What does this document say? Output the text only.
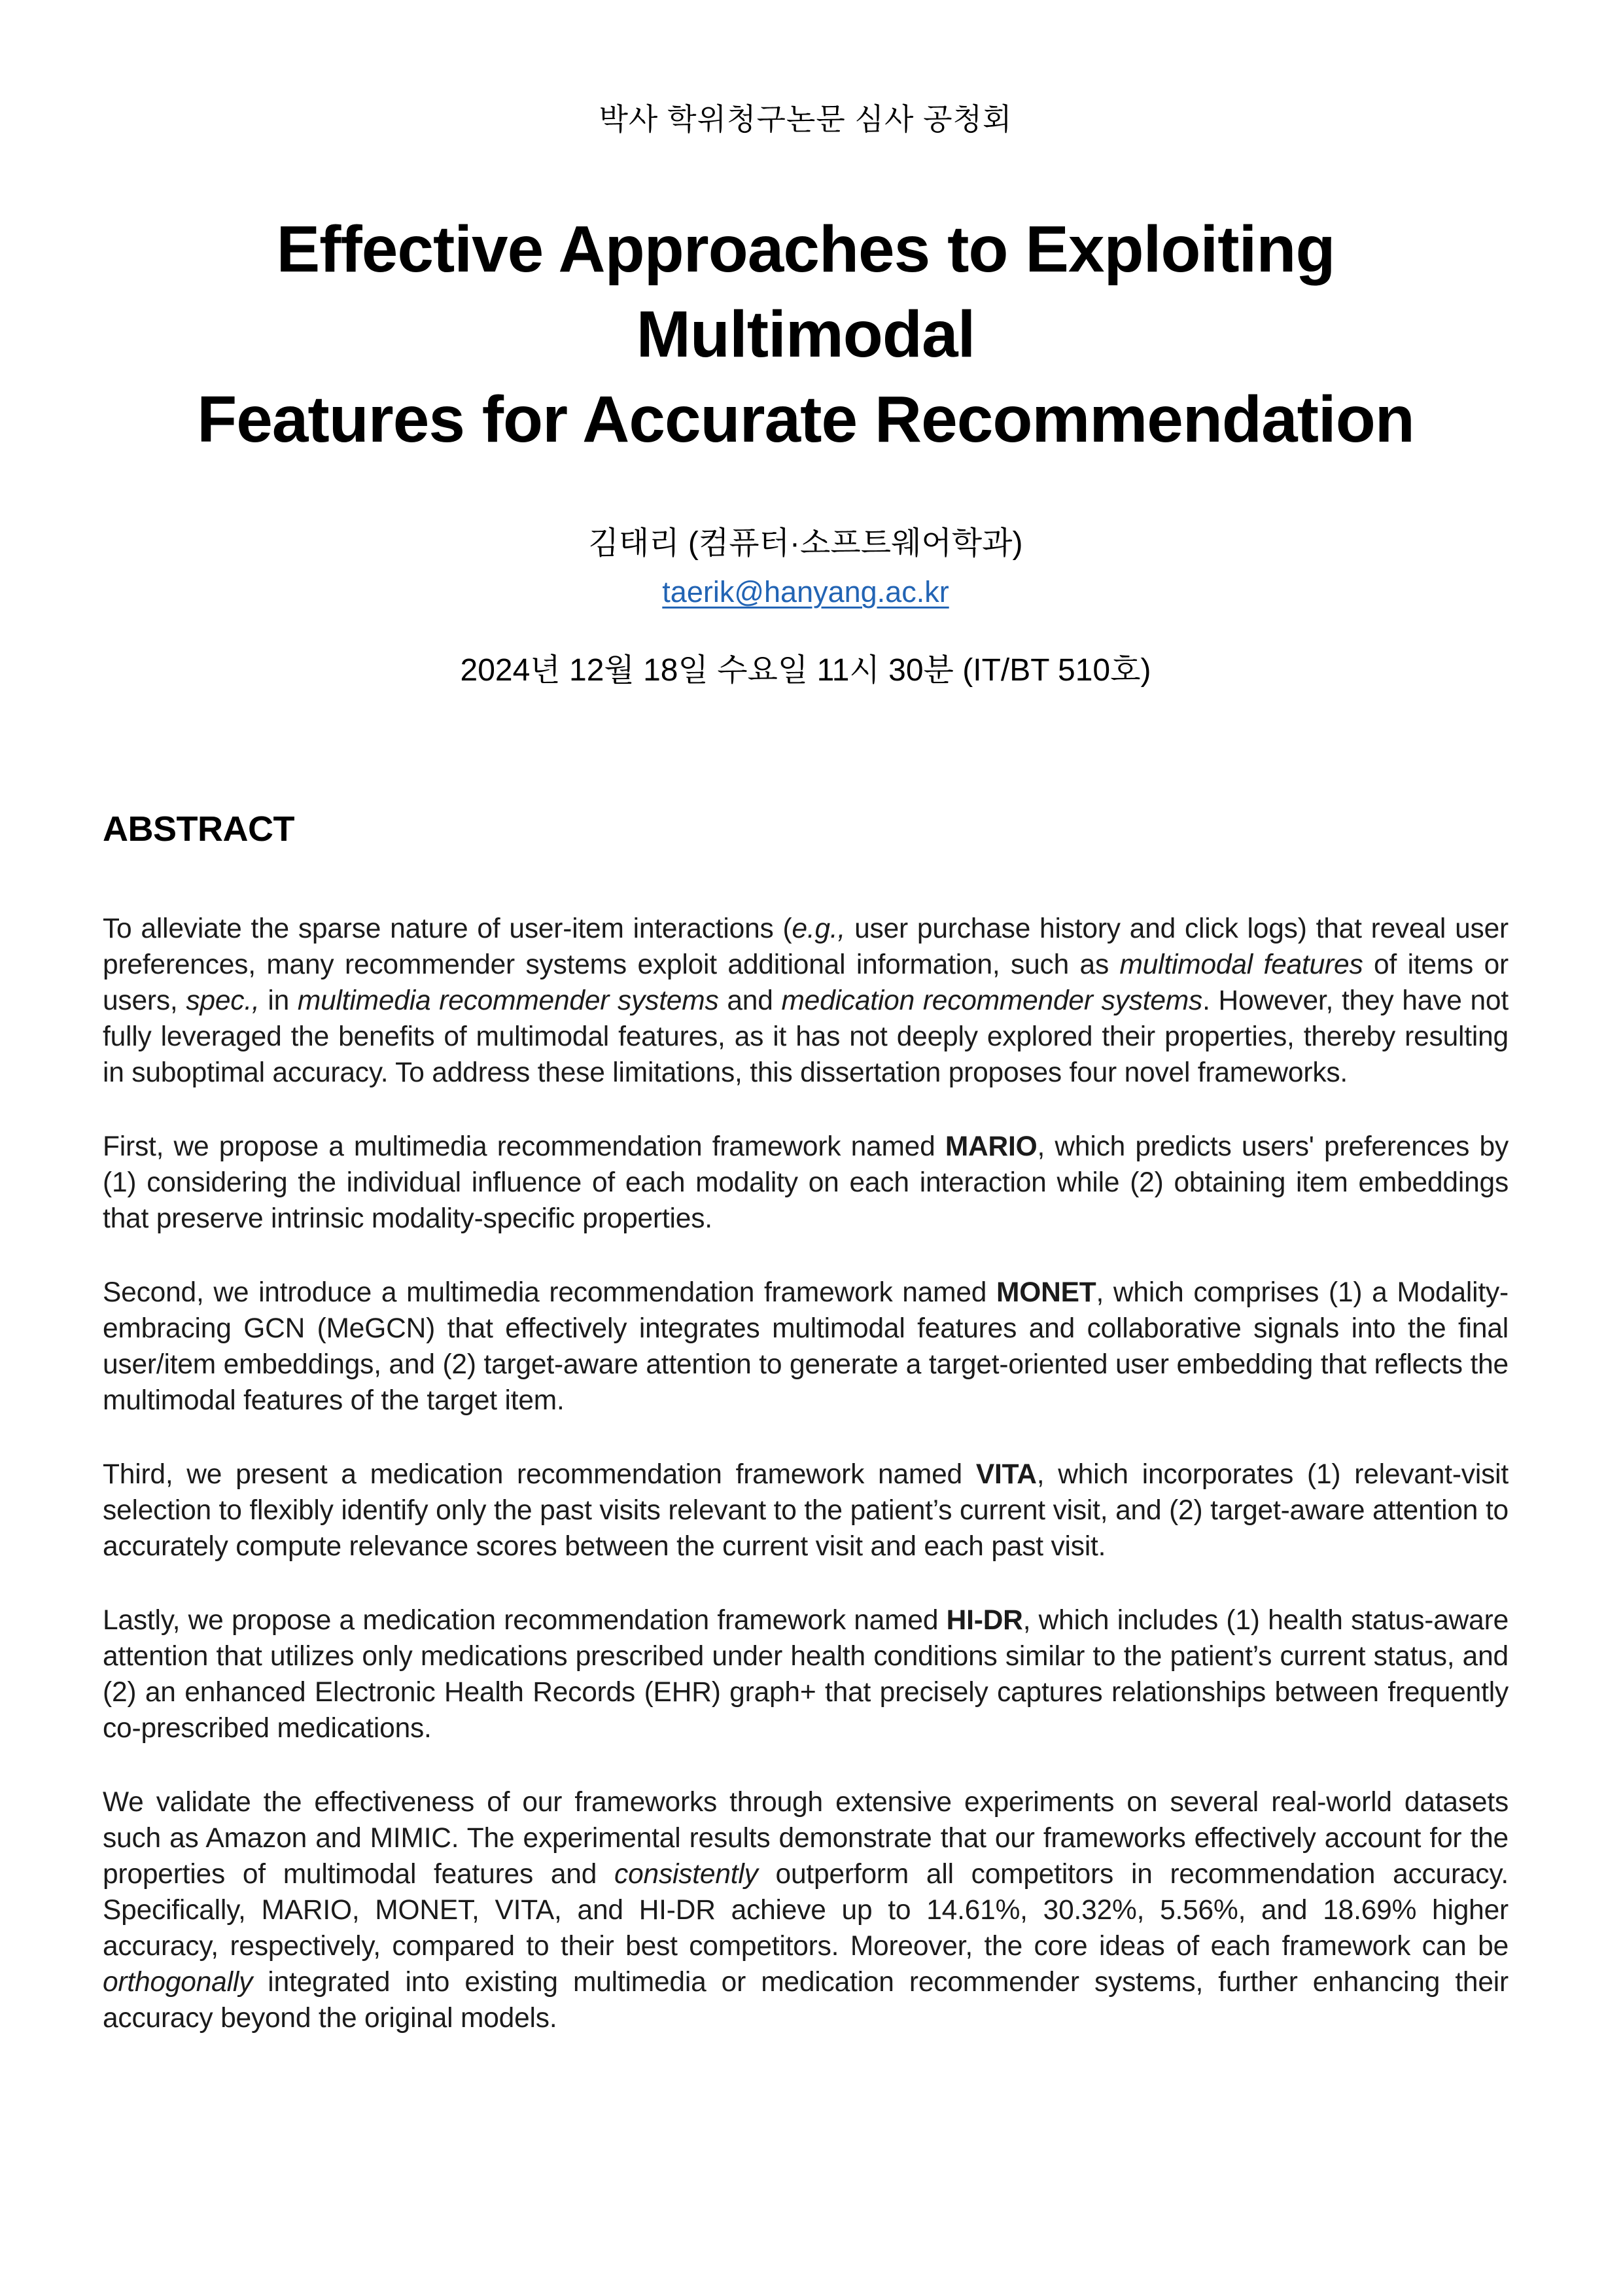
박사 학위청구논문 심사 공청회
Effective Approaches to Exploiting Multimodal
Features for Accurate Recommendation
김태리 (컴퓨터·소프트웨어학과)
taerik@hanyang.ac.kr
2024년 12월 18일 수요일 11시 30분 (IT/BT 510호)
ABSTRACT
To alleviate the sparse nature of user-item interactions (e.g., user purchase history and click logs) that reveal user preferences, many recommender systems exploit additional information, such as multimodal features of items or users, spec., in multimedia recommender systems and medication recommender systems. However, they have not fully leveraged the benefits of multimodal features, as it has not deeply explored their properties, thereby resulting in suboptimal accuracy. To address these limitations, this dissertation proposes four novel frameworks.
First, we propose a multimedia recommendation framework named MARIO, which predicts users' preferences by (1) considering the individual influence of each modality on each interaction while (2) obtaining item embeddings that preserve intrinsic modality-specific properties.
Second, we introduce a multimedia recommendation framework named MONET, which comprises (1) a Modality-embracing GCN (MeGCN) that effectively integrates multimodal features and collaborative signals into the final user/item embeddings, and (2) target-aware attention to generate a target-oriented user embedding that reflects the multimodal features of the target item.
Third, we present a medication recommendation framework named VITA, which incorporates (1) relevant-visit selection to flexibly identify only the past visits relevant to the patient’s current visit, and (2) target-aware attention to accurately compute relevance scores between the current visit and each past visit.
Lastly, we propose a medication recommendation framework named HI-DR, which includes (1) health status-aware attention that utilizes only medications prescribed under health conditions similar to the patient’s current status, and (2) an enhanced Electronic Health Records (EHR) graph+ that precisely captures relationships between frequently co-prescribed medications.
We validate the effectiveness of our frameworks through extensive experiments on several real-world datasets such as Amazon and MIMIC. The experimental results demonstrate that our frameworks effectively account for the properties of multimodal features and consistently outperform all competitors in recommendation accuracy. Specifically, MARIO, MONET, VITA, and HI-DR achieve up to 14.61%, 30.32%, 5.56%, and 18.69% higher accuracy, respectively, compared to their best competitors. Moreover, the core ideas of each framework can be orthogonally integrated into existing multimedia or medication recommender systems, further enhancing their accuracy beyond the original models.
